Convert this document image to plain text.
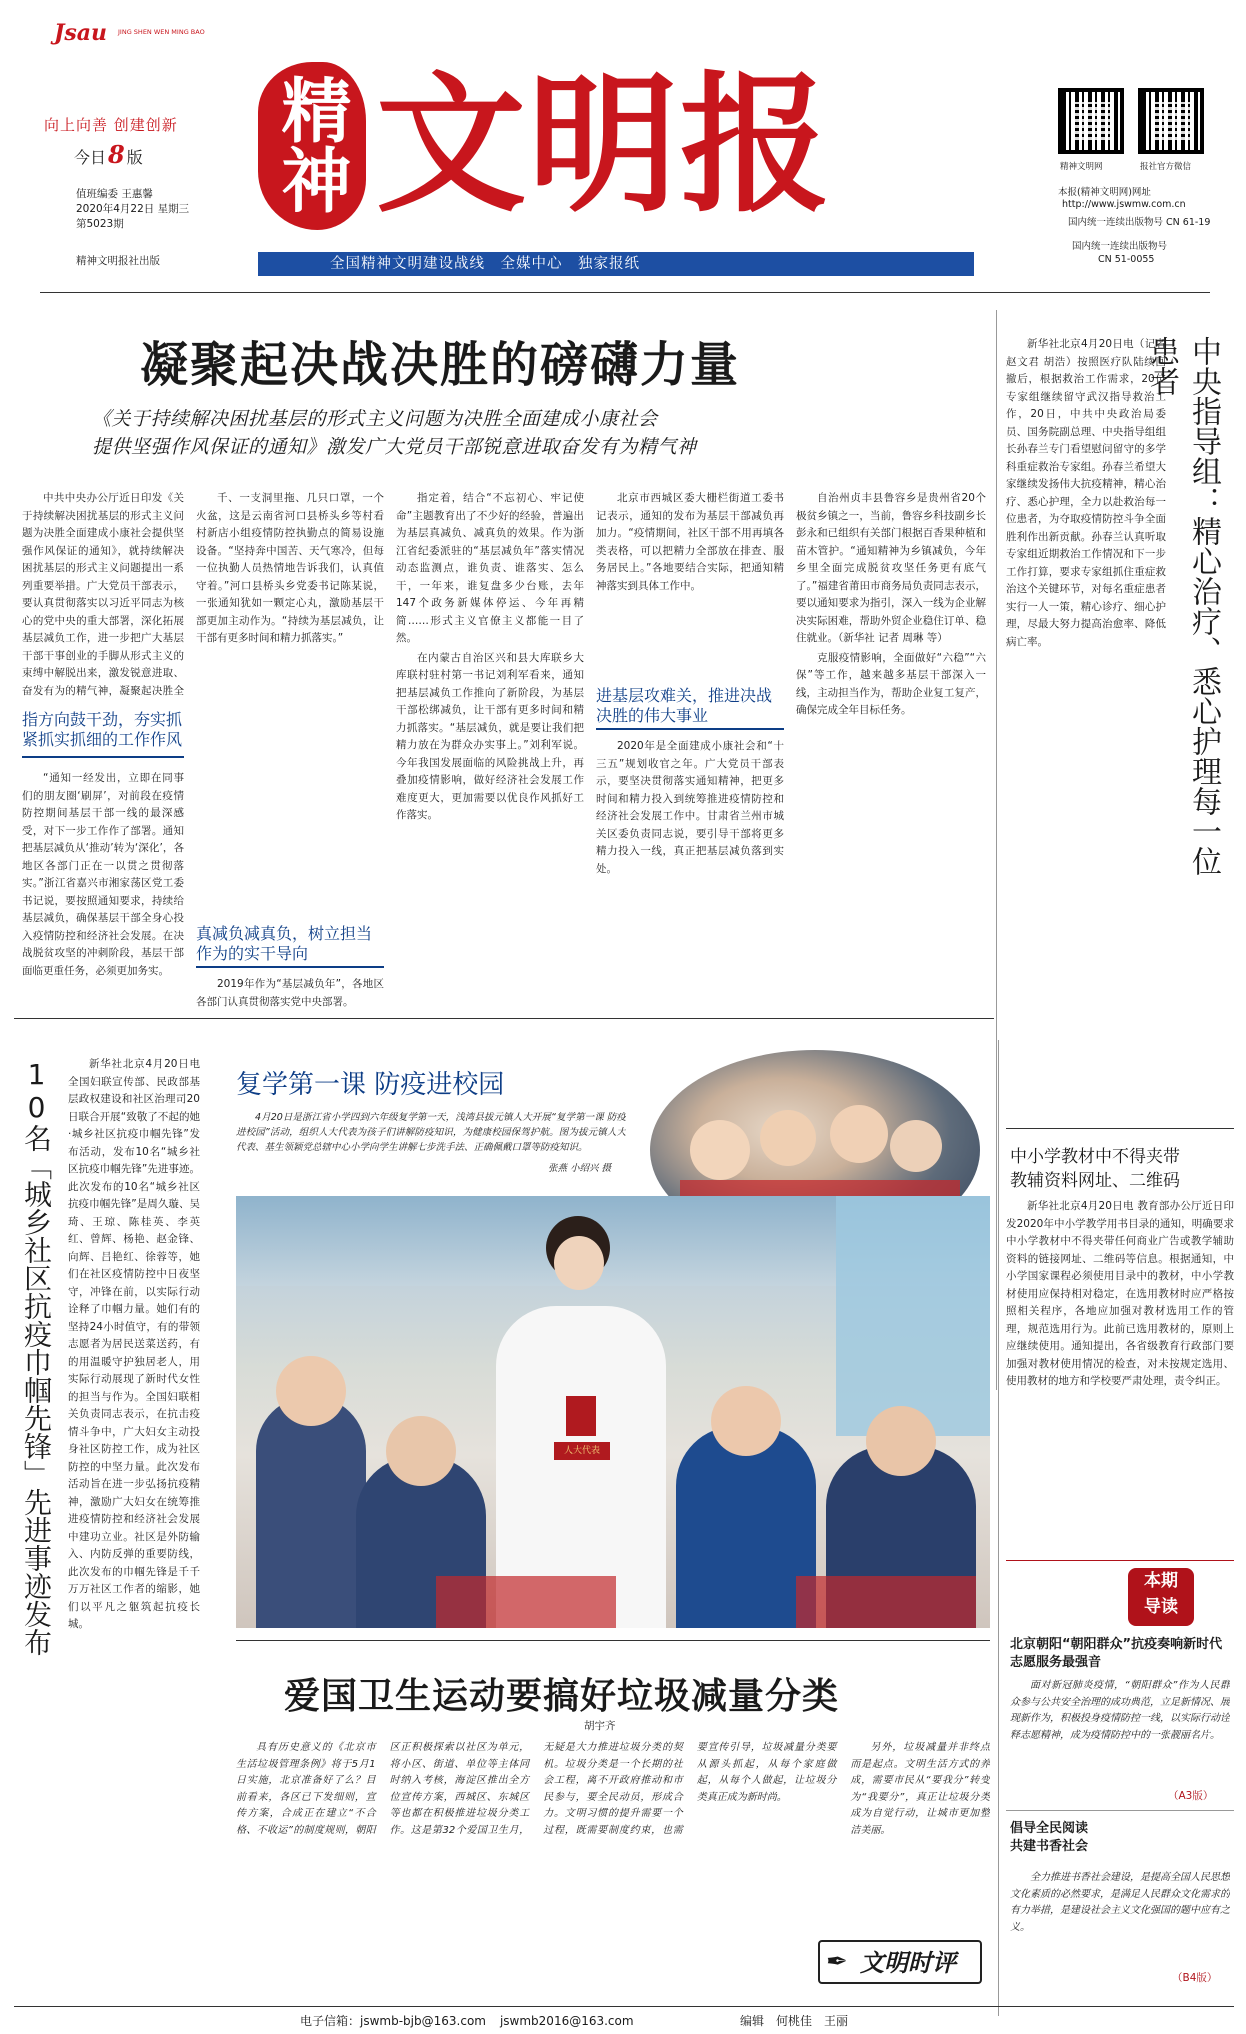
Jsau JING SHEN WEN MING BAO
向上向善 创建创新
今日8 版
值班编委 王惠馨
2020年4月22日 星期三
第5023期
精神文明报社出版
精神 文明报
全国精神文明建设战线　全媒中心　独家报纸
精神文明网	报社官方微信
本报(精神文明网)网址
http://www.jswmw.com.cn
国内统一连续出版物号 CN 61-19
国内统一连续出版物号
CN 51-0055
凝聚起决战决胜的磅礴力量
《关于持续解决困扰基层的形式主义问题为决胜全面建成小康社会
提供坚强作风保证的通知》激发广大党员干部锐意进取奋发有为精气神

中共中央办公厅近日印发《关于持续解决困扰基层的形式主义问题为决胜全面建成小康社会提供坚强作风保证的通知》，就持续解决困扰基层的形式主义问题提出一系列重要举措。广大党员干部表示，要认真贯彻落实以习近平同志为核心的党中央的重大部署，深化拓展基层减负工作，进一步把广大基层干部干事创业的手脚从形式主义的束缚中解脱出来，激发锐意进取、奋发有为的精气神，凝聚起决胜全

指方向鼓干劲，夯实抓紧抓实抓细的工作作风

“通知一经发出，立即在同事们的朋友圈‘刷屏’，对前段在疫情防控期间基层干部一线的最深感受，对下一步工作作了部署。通知把基层减负从‘推动’转为‘深化’，各地区各部门正在一以贯之贯彻落实。”浙江省嘉兴市湘家荡区党工委书记说，要按照通知要求，持续给基层减负，确保基层干部全身心投入疫情防控和经济社会发展。在决战脱贫攻坚的冲刺阶段，基层干部面临更重任务，必须更加务实。

千、一支洞里拖、几只口罩，一个火盆，这是云南省河口县桥头乡等村看村新店小组疫情防控执勤点的简易设施设备。“坚持奔中国苦、天气寒冷，但每一位执勤人员热情地告诉我们，认真值守着。”河口县桥头乡党委书记陈某说，一张通知犹如一颗定心丸，激励基层干部更加主动作为。“持续为基层减负，让干部有更多时间和精力抓落实。”

真减负减真负，树立担当作为的实干导向

2019年作为“基层减负年”，各地区各部门认真贯彻落实党中央部署。

指定着，结合“不忘初心、牢记使命”主题教育出了不少好的经验，普遍出为基层真减负、减真负的效果。作为浙江省纪委派驻的“基层减负年”落实情况动态监测点，谁负责、谁落实、怎么干，一年来，谁复盘多少台账，去年147个政务新媒体停运、今年再精简……形式主义官僚主义都能一目了然。

在内蒙古自治区兴和县大库联乡大库联村驻村第一书记刘利军看来，通知把基层减负工作推向了新阶段，为基层干部松绑减负，让干部有更多时间和精力抓落实。“基层减负，就是要让我们把精力放在为群众办实事上。”刘利军说。今年我国发展面临的风险挑战上升，再叠加疫情影响，做好经济社会发展工作难度更大，更加需要以优良作风抓好工作落实。

北京市西城区委大栅栏街道工委书记表示，通知的发布为基层干部减负再加力。“疫情期间，社区干部不用再填各类表格，可以把精力全部放在排查、服务居民上。”各地要结合实际，把通知精神落实到具体工作中。

进基层攻难关，推进决战决胜的伟大事业

2020年是全面建成小康社会和“十三五”规划收官之年。广大党员干部表示，要坚决贯彻落实通知精神，把更多时间和精力投入到统筹推进疫情防控和经济社会发展工作中。甘肃省兰州市城关区委负责同志说，要引导干部将更多精力投入一线，真正把基层减负落到实处。

自治州贞丰县鲁容乡是贵州省20个极贫乡镇之一，当前，鲁容乡科技副乡长彭永和已组织有关部门根据百香果种植和苗木管护。“通知精神为乡镇减负，今年乡里全面完成脱贫攻坚任务更有底气了。”福建省莆田市商务局负责同志表示，要以通知要求为指引，深入一线为企业解决实际困难，帮助外贸企业稳住订单、稳住就业。（新华社 记者 周琳 等）

克服疫情影响，全面做好“六稳”“六保”等工作，越来越多基层干部深入一线，主动担当作为，帮助企业复工复产，确保完成全年目标任务。

新华社北京4月20日电（记者 赵文君 胡浩）按照医疗队陆续回撤后，根据救治工作需求，20位专家组继续留守武汉指导救治工作，20日，中共中央政治局委员、国务院副总理、中央指导组组长孙春兰专门看望慰问留守的多学科重症救治专家组。孙春兰希望大家继续发扬伟大抗疫精神，精心治疗、悉心护理，全力以赴救治每一位患者，为夺取疫情防控斗争全面胜利作出新贡献。孙春兰认真听取专家组近期救治工作情况和下一步工作打算，要求专家组抓住重症救治这个关键环节，对每名重症患者实行一人一策，精心诊疗、细心护理，尽最大努力提高治愈率、降低病亡率。	中央指导组：精心治疗、悉心护理每一位患者
10名「城乡社区抗疫巾帼先锋」先进事迹发布	新华社北京4月20日电 全国妇联宣传部、民政部基层政权建设和社区治理司20日联合开展“致敬了不起的她·城乡社区抗疫巾帼先锋”发布活动，发布10名“城乡社区抗疫巾帼先锋”先进事迹。此次发布的10名“城乡社区抗疫巾帼先锋”是周久璇、吴琦、王琼、陈桂英、李英红、曾辉、杨艳、赵金锋、向辉、吕艳红、徐蓉等，她们在社区疫情防控中日夜坚守，冲锋在前，以实际行动诠释了巾帼力量。她们有的坚持24小时值守，有的带领志愿者为居民送菜送药，有的用温暖守护独居老人，用实际行动展现了新时代女性的担当与作为。全国妇联相关负责同志表示，在抗击疫情斗争中，广大妇女主动投身社区防控工作，成为社区防控的中坚力量。此次发布活动旨在进一步弘扬抗疫精神，激励广大妇女在统筹推进疫情防控和经济社会发展中建功立业。社区是外防输入、内防反弹的重要防线，此次发布的巾帼先锋是千千万万社区工作者的缩影，她们以平凡之躯筑起抗疫长城。

复学第一课 防疫进校园

4月20日是浙江省小学四到六年级复学第一天，浅湾县拔元镇人大开展“复学第一课 防疫进校园”活动，组织人大代表为孩子们讲解防疫知识，为健康校园保驾护航。图为拔元镇人大代表、基生领颖党总辖中心小学向学生讲解七步洗手法、正确佩戴口罩等防疫知识。

张燕 小绍兴 摄
人大代表
爱国卫生运动要搞好垃圾减量分类
胡宇齐

具有历史意义的《北京市生活垃圾管理条例》将于5月1日实施，北京准备好了么？目前看来，各区已下发细则，宣传方案，合成正在建立“不合格、不收运”的制度规则，朝阳区正积极探索以社区为单元，将小区、街道、单位等主体同时纳入考核，海淀区推出全方位宣传方案，西城区、东城区等也都在积极推进垃圾分类工作。这是第32个爱国卫生月，无疑是大力推进垃圾分类的契机。垃圾分类是一个长期的社会工程，离不开政府推动和市民参与，要全民动员，形成合力。文明习惯的提升需要一个过程，既需要制度约束，也需要宣传引导，垃圾减量分类要从源头抓起，从每个家庭做起，从每个人做起，让垃圾分类真正成为新时尚。

另外，垃圾减量并非终点而是起点。文明生活方式的养成，需要市民从“要我分”转变为“我要分”，真正让垃圾分类成为自觉行动，让城市更加整洁美丽。

✒ 文明时评
中小学教材中不得夹带
教辅资料网址、二维码

新华社北京4月20日电 教育部办公厅近日印发2020年中小学教学用书目录的通知，明确要求中小学教材中不得夹带任何商业广告或教学辅助资料的链接网址、二维码等信息。根据通知，中小学国家课程必须使用目录中的教材，中小学教材使用应保持相对稳定，在选用教材时应严格按照相关程序，各地应加强对教材选用工作的管理，规范选用行为。此前已选用教材的，原则上应继续使用。通知提出，各省级教育行政部门要加强对教材使用情况的检查，对未按规定选用、使用教材的地方和学校要严肃处理，责令纠正。

本期
导读
北京朝阳“朝阳群众”抗疫奏响新时代志愿服务最强音

面对新冠肺炎疫情，“朝阳群众”作为人民群众参与公共安全治理的成功典范，立足新情况、展现新作为，积极投身疫情防控一线，以实际行动诠释志愿精神，成为疫情防控中的一张靓丽名片。

（A3版）
倡导全民阅读
共建书香社会

全力推进书香社会建设，是提高全国人民思想文化素质的必然要求，是满足人民群众文化需求的有力举措，是建设社会主义文化强国的题中应有之义。

（B4版）
电子信箱：jswmb-bjb@163.com jswmb2016@163.com	编辑 何桃佳　王丽
